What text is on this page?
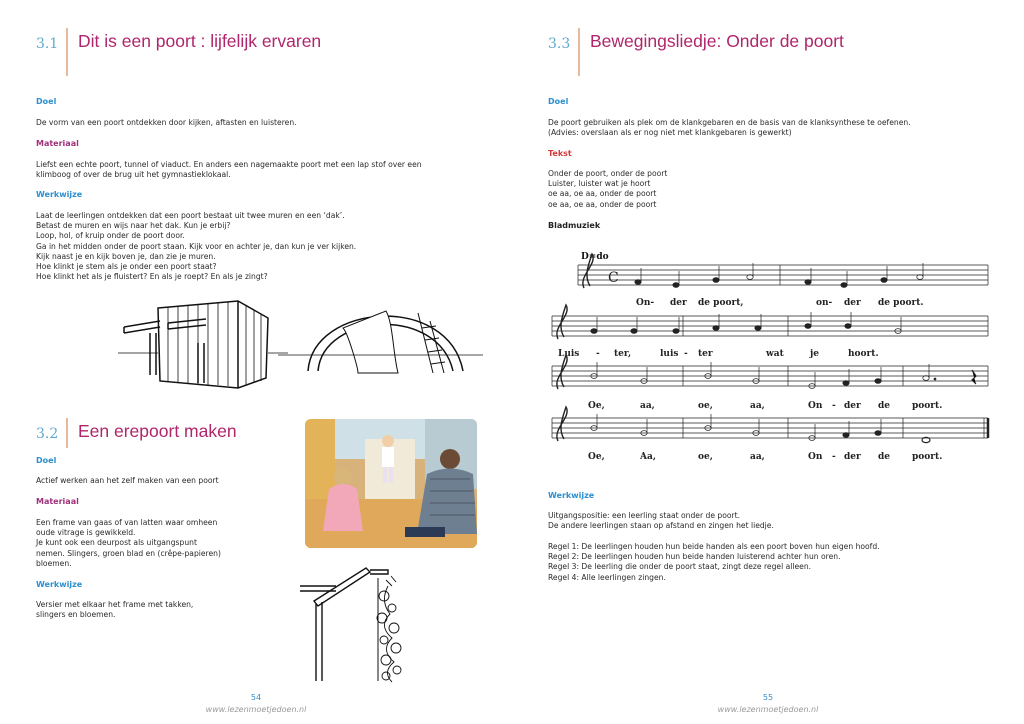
3.1	Dit is een poort : lijfelijk ervaren
Doel
De vorm van een poort ontdekken door kijken, aftasten en luisteren.
Materiaal
Liefst een echte poort, tunnel of viaduct. En anders een nagemaakte poort met een lap stof over een
klimboog of over de brug uit het gymnastieklokaal.
Werkwijze
Laat de leerlingen ontdekken dat een poort bestaat uit twee muren en een ‘dak’.
Betast de muren en wijs naar het dak. Kun je erbij?
Loop, hol, of kruip onder de poort door.
Ga in het midden onder de poort staan. Kijk voor en achter je, dan kun je ver kijken.
Kijk naast je en kijk boven je, dan zie je muren.
Hoe klinkt je stem als je onder een poort staat?
Hoe klinkt het als je fluistert? En als je roept? En als je zingt?
3.2	Een erepoort maken
Doel
Actief werken aan het zelf maken van een poort
Materiaal
Een frame van gaas of van latten waar omheen
oude vitrage is gewikkeld.
Je kunt ook een deurpost als uitgangspunt
nemen. Slingers, groen blad en (crêpe-papieren)
bloemen.
Werkwijze
Versier met elkaar het frame met takken,
slingers en bloemen.
54
www.lezenmoetjedoen.nl
3.3	Bewegingsliedje: Onder de poort
Doel
De poort gebruiken als plek om de klankgebaren en de basis van de klanksynthese te oefenen.
(Advies: overslaan als er nog niet met klankgebaren is gewerkt)
Tekst
Onder de poort, onder de poort
Luister, luister wat je hoort
oe aa, oe aa, onder de poort
oe aa, oe aa, onder de poort
Bladmuziek
D=do
C
On- der de poort,	on- der de poort.
Luis - ter,	luis - ter	wat	je	hoort.
Oe,	aa,	oe,	aa,	On - der de poort.
Oe,	Aa,	oe,	aa,	On - der de poort.
Werkwijze
Uitgangspositie: een leerling staat onder de poort.
De andere leerlingen staan op afstand en zingen het liedje.
Regel 1: De leerlingen houden hun beide handen als een poort boven hun eigen hoofd.
Regel 2: De leerlingen houden hun beide handen luisterend achter hun oren.
Regel 3: De leerling die onder de poort staat, zingt deze regel alleen.
Regel 4: Alle leerlingen zingen.
55
www.lezenmoetjedoen.nl
